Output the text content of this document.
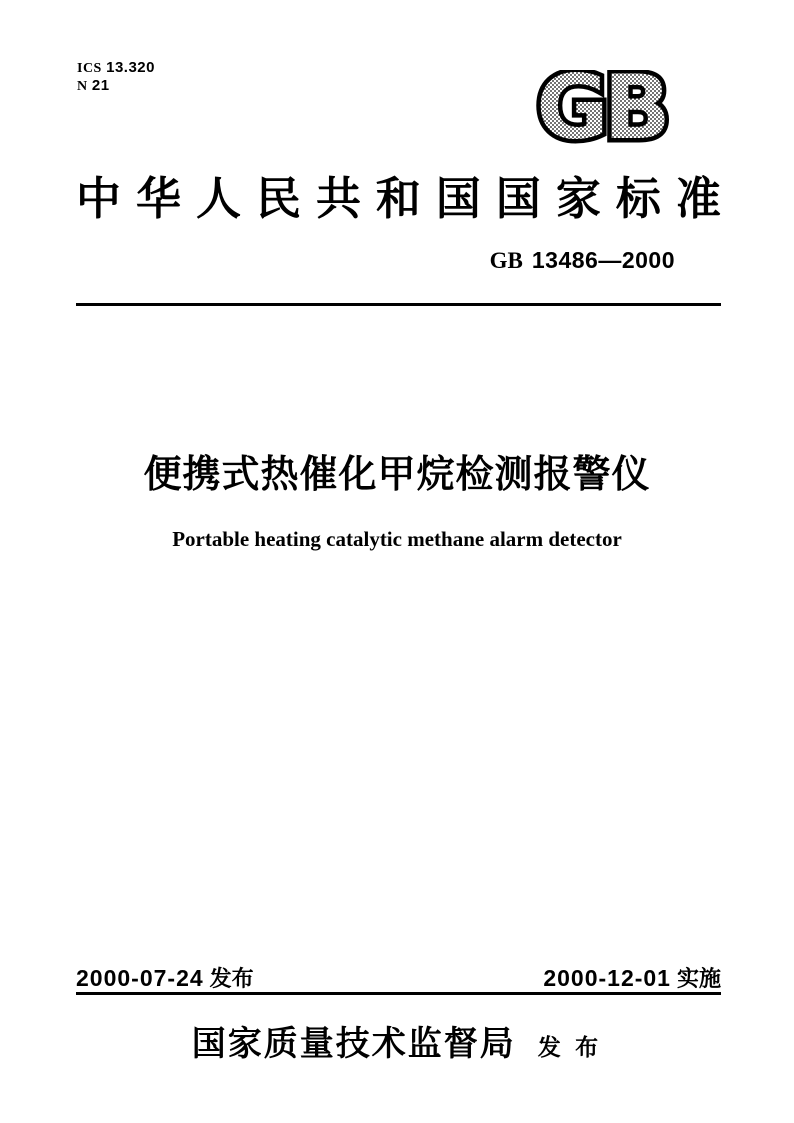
ICS 13.320
N 21	GB
中 华 人 民 共 和 国 国 家 标 准
GB 13486—2000
便携式热催化甲烷检测报警仪
Portable heating catalytic methane alarm detector
2000-07-24 发布	2000-12-01 实施
国家质量技术监督局 发 布
